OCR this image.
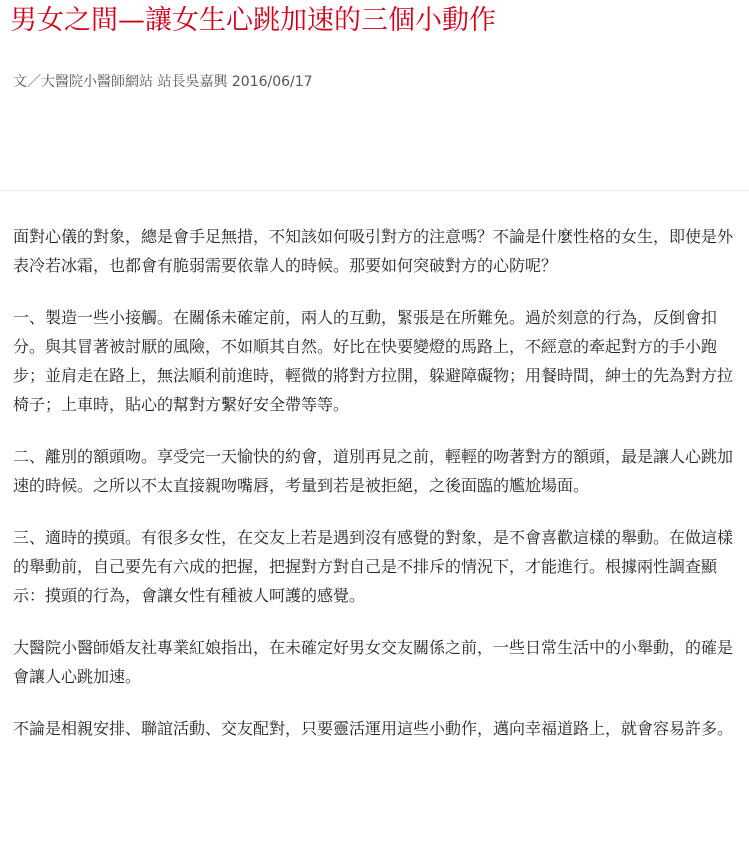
男女之間—讓女生心跳加速的三個小動作
文／大醫院小醫師網站 站長吳嘉興 2016/06/17

面對心儀的對象，總是會手足無措，不知該如何吸引對方的注意嗎？不論是什麼性格的女生，即使是外表冷若冰霜，也都會有脆弱需要依靠人的時候。那要如何突破對方的心防呢？

一、製造一些小接觸。在關係未確定前，兩人的互動，緊張是在所難免。過於刻意的行為，反倒會扣分。與其冒著被討厭的風險，不如順其自然。好比在快要變燈的馬路上，不經意的牽起對方的手小跑步；並肩走在路上，無法順利前進時，輕微的將對方拉開，躲避障礙物；用餐時間，紳士的先為對方拉椅子；上車時，貼心的幫對方繫好安全帶等等。

二、離別的額頭吻。享受完一天愉快的約會，道別再見之前，輕輕的吻著對方的額頭，最是讓人心跳加速的時候。之所以不太直接親吻嘴唇，考量到若是被拒絕，之後面臨的尷尬場面。

三、適時的摸頭。有很多女性，在交友上若是遇到沒有感覺的對象，是不會喜歡這樣的舉動。在做這樣的舉動前，自己要先有六成的把握，把握對方對自己是不排斥的情況下，才能進行。根據兩性調查顯示：摸頭的行為，會讓女性有種被人呵護的感覺。

大醫院小醫師婚友社專業紅娘指出，在未確定好男女交友關係之前，一些日常生活中的小舉動，的確是會讓人心跳加速。

不論是相親安排、聯誼活動、交友配對，只要靈活運用這些小動作，邁向幸福道路上，就會容易許多。
